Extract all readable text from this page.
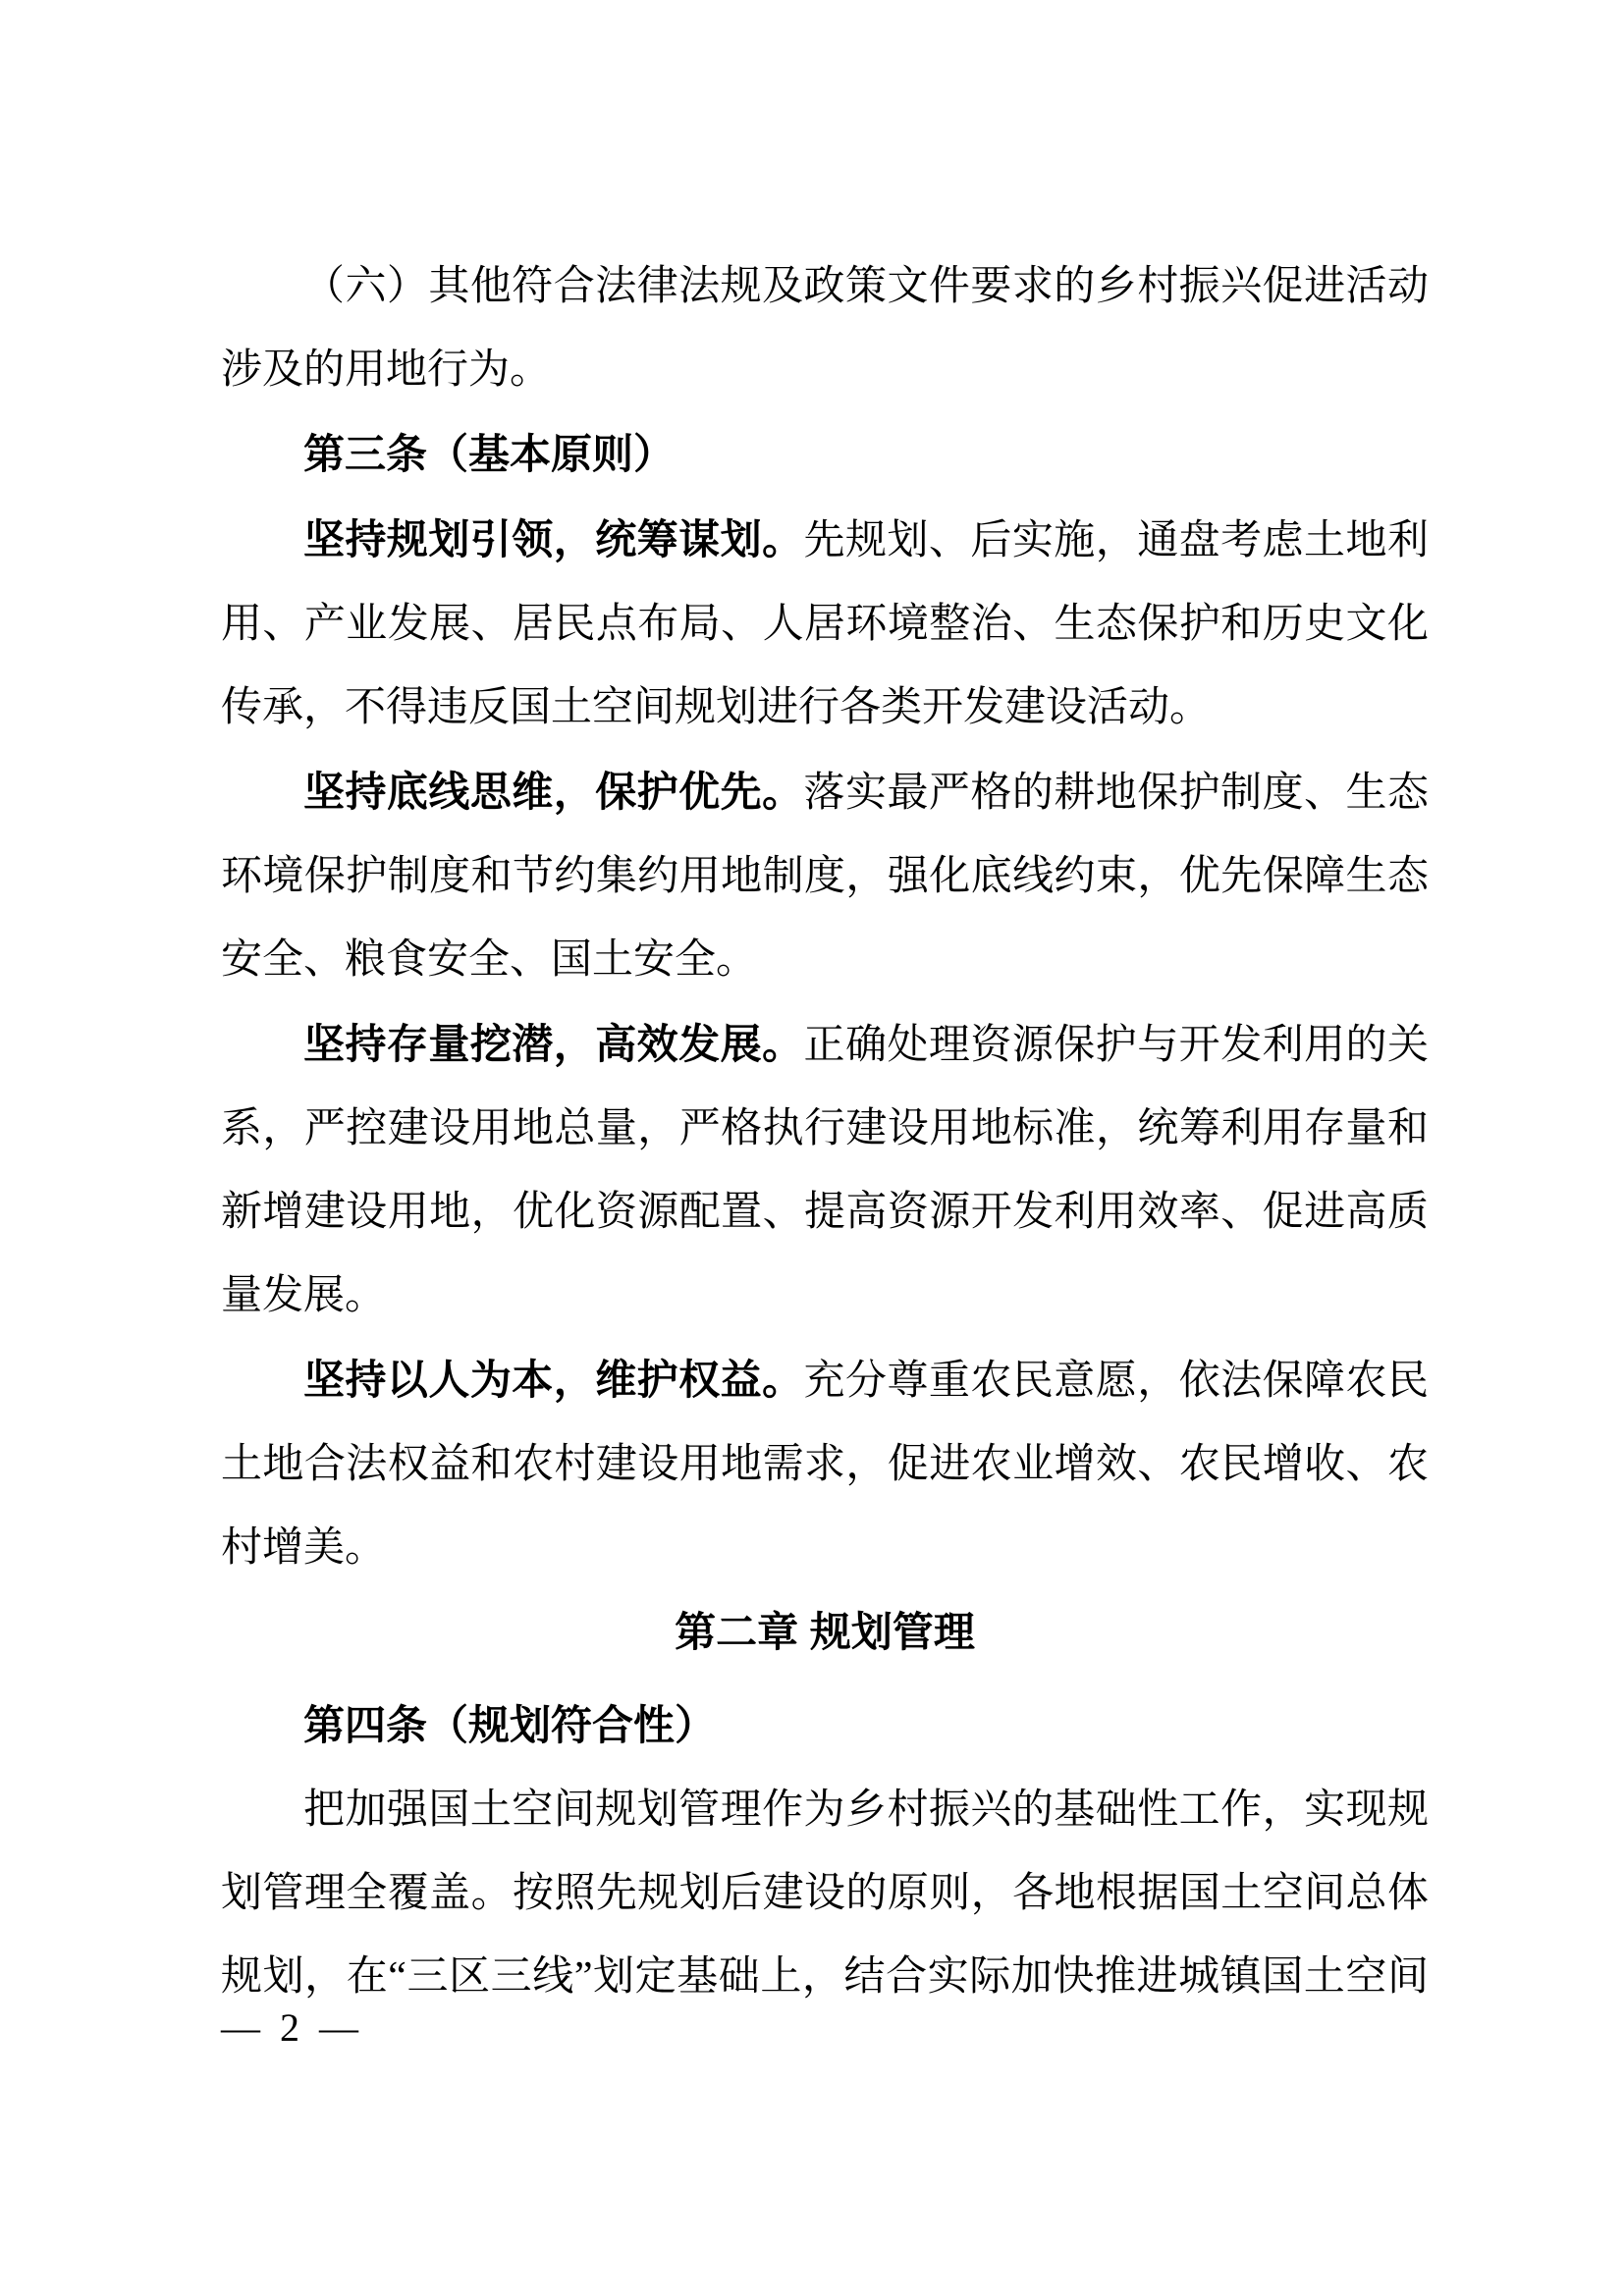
（六）其他符合法律法规及政策文件要求的乡村振兴促进活动
涉及的用地行为。
第三条（基本原则）
坚持规划引领，统筹谋划。先规划、后实施，通盘考虑土地利
用、产业发展、居民点布局、人居环境整治、生态保护和历史文化
传承，不得违反国土空间规划进行各类开发建设活动。
坚持底线思维，保护优先。落实最严格的耕地保护制度、生态
环境保护制度和节约集约用地制度，强化底线约束，优先保障生态
安全、粮食安全、国土安全。
坚持存量挖潜，高效发展。正确处理资源保护与开发利用的关
系，严控建设用地总量，严格执行建设用地标准，统筹利用存量和
新增建设用地，优化资源配置、提高资源开发利用效率、促进高质
量发展。
坚持以人为本，维护权益。充分尊重农民意愿，依法保障农民
土地合法权益和农村建设用地需求，促进农业增效、农民增收、农
村增美。
第二章 规划管理
第四条（规划符合性）
把加强国土空间规划管理作为乡村振兴的基础性工作，实现规
划管理全覆盖。按照先规划后建设的原则，各地根据国土空间总体
规划，在“三区三线”划定基础上，结合实际加快推进城镇国土空间
— 2 —
